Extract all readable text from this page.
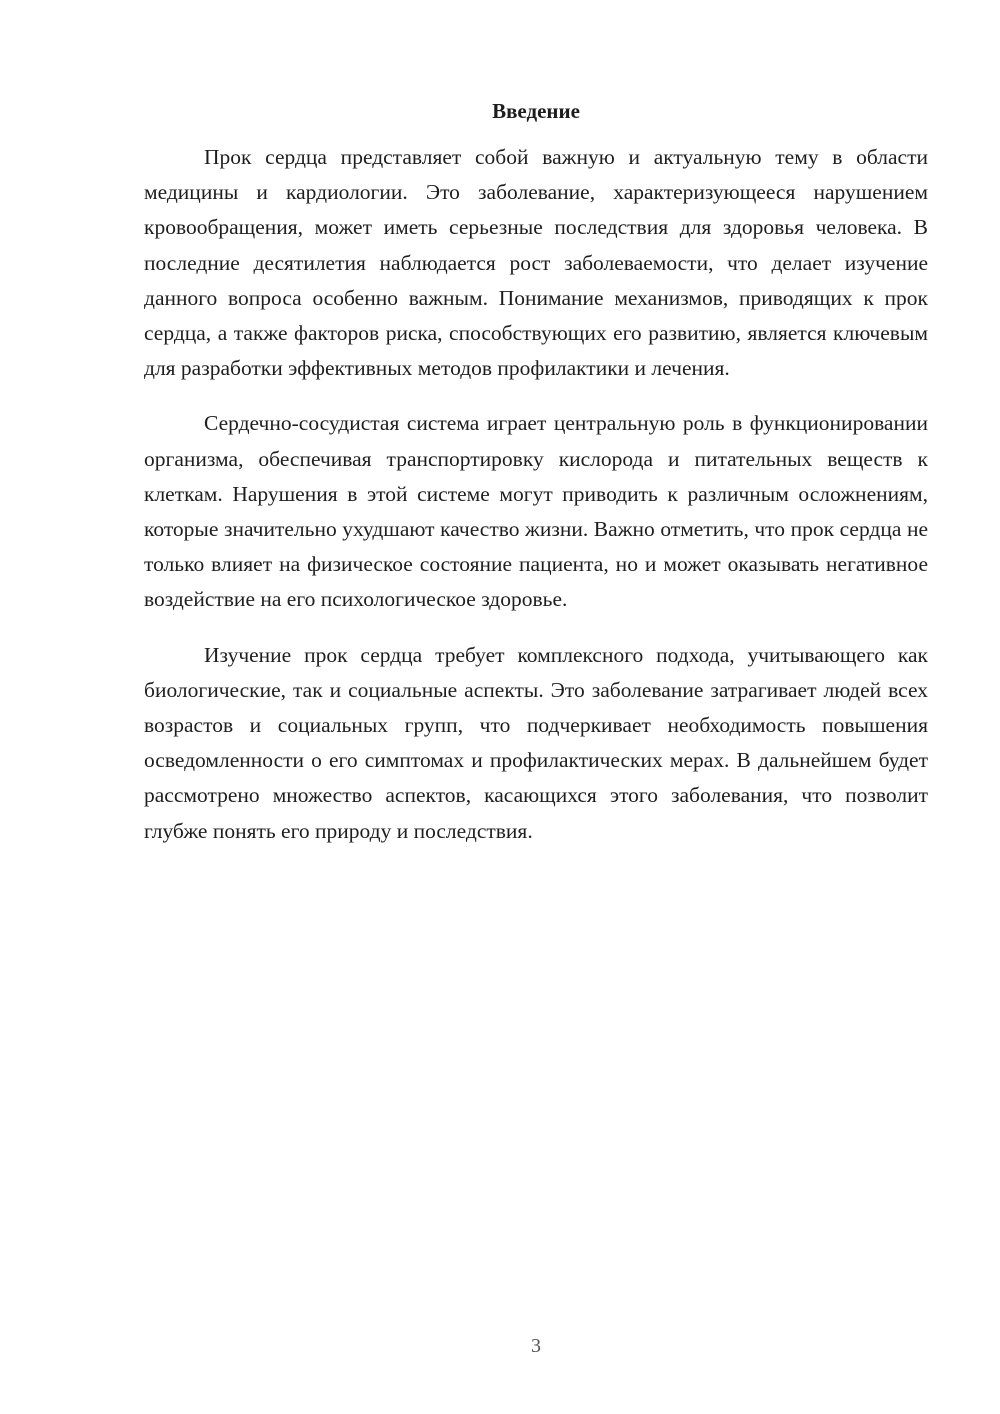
Введение

Прок сердца представляет собой важную и актуальную тему в области медицины и кардиологии. Это заболевание, характеризующееся нарушением кровообращения, может иметь серьезные последствия для здоровья человека. В последние десятилетия наблюдается рост заболеваемости, что делает изучение данного вопроса особенно важным. Понимание механизмов, приводящих к прок сердца, а также факторов риска, способствующих его развитию, является ключевым для разработки эффективных методов профилактики и лечения.

Сердечно-сосудистая система играет центральную роль в функционировании организма, обеспечивая транспортировку кислорода и питательных веществ к клеткам. Нарушения в этой системе могут приводить к различным осложнениям, которые значительно ухудшают качество жизни. Важно отметить, что прок сердца не только влияет на физическое состояние пациента, но и может оказывать негативное воздействие на его психологическое здоровье.

Изучение прок сердца требует комплексного подхода, учитывающего как биологические, так и социальные аспекты. Это заболевание затрагивает людей всех возрастов и социальных групп, что подчеркивает необходимость повышения осведомленности о его симптомах и профилактических мерах. В дальнейшем будет рассмотрено множество аспектов, касающихся этого заболевания, что позволит глубже понять его природу и последствия.

3
